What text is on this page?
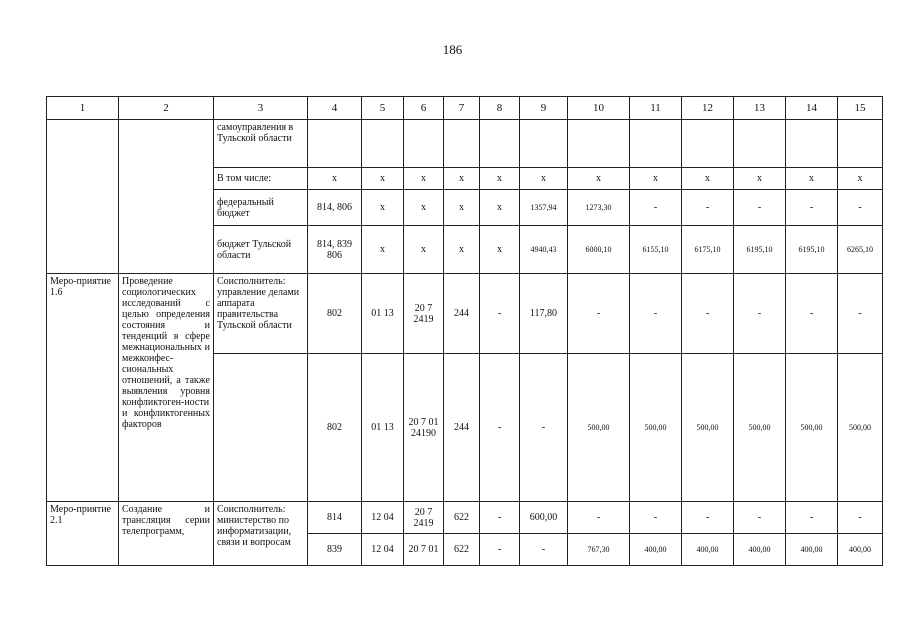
186
1	2	3	4	5	6	7	8	9	10	11	12	13	14	15
		самоуправления в Тульской области												
		В том числе:	х	х	х	х	х	х	х	х	х	х	х	х
		федеральный бюджет	814, 806	х	х	х	х	1357,94	1273,30	-	-	-	-	-
		бюджет Тульской области	814, 839 806	х	х	х	х	4940,43	6000,10	6155,10	6175,10	6195,10	6195,10	6265,10
Меро-приятие 1.6	Проведение социологических исследований с целью определения состояния и тенденций в сфере межнациональных и межконфес-сиональных отношений, а также выявления уровня конфликтоген-ности и конфликтогенных факторов	Соисполнитель: управление делами аппарата правительства Тульской области	802	01 13	20 7 2419	244	-	117,80	-	-	-	-	-	-
			802	01 13	20 7 01 24190	244	-	-	500,00	500,00	500,00	500,00	500,00	500,00
Меро-приятие 2.1	Создание и трансляция серии телепрограмм,	Соисполнитель: министерство по информатизации, связи и вопросам	814	12 04	20 7 2419	622	-	600,00	-	-	-	-	-	-
			839	12 04	20 7 01	622	-	-	767,30	400,00	400,00	400,00	400,00	400,00
